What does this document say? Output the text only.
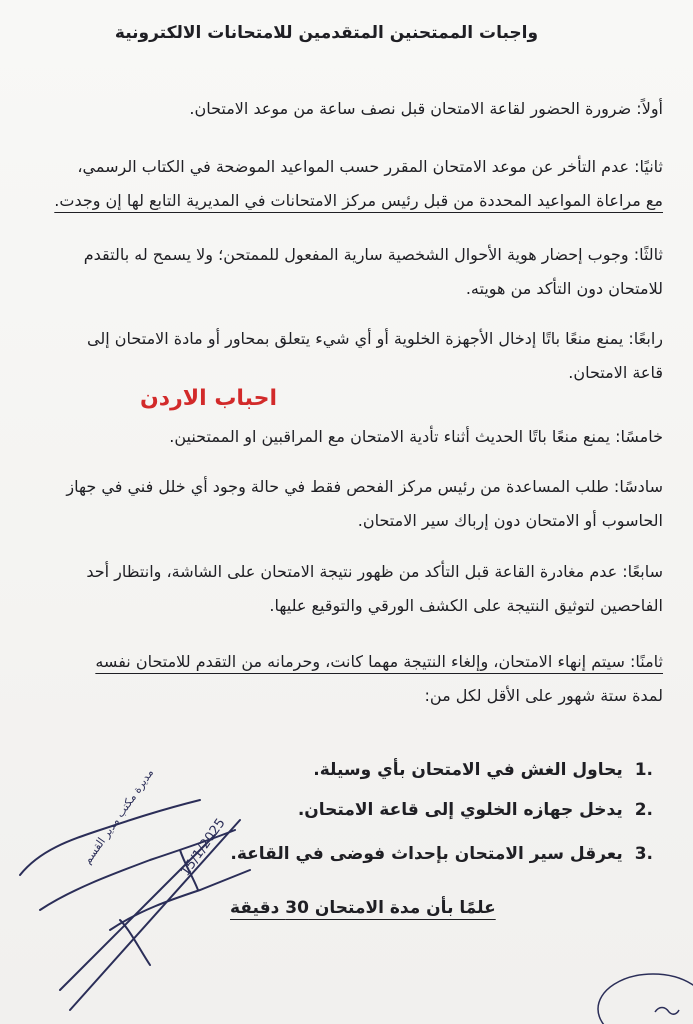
واجبات الممتحنين المتقدمين للامتحانات الالكترونية

أولاً: ضرورة الحضور لقاعة الامتحان قبل نصف ساعة من موعد الامتحان.

ثانيًا: عدم التأخر عن موعد الامتحان المقرر حسب المواعيد الموضحة في الكتاب الرسمي،

مع مراعاة المواعيد المحددة من قبل رئيس مركز الامتحانات في المديرية التابع لها إن وجدت.

ثالثًا: وجوب إحضار هوية الأحوال الشخصية سارية المفعول للممتحن؛ ولا يسمح له بالتقدم

للامتحان دون التأكد من هويته.

رابعًا: يمنع منعًا باتًا إدخال الأجهزة الخلوية أو أي شيء يتعلق بمحاور أو مادة الامتحان إلى

قاعة الامتحان.

احباب الاردن

خامسًا: يمنع منعًا باتًا الحديث أثناء تأدية الامتحان مع المراقبين او الممتحنين.

سادسًا: طلب المساعدة من رئيس مركز الفحص فقط في حالة وجود أي خلل فني في جهاز

الحاسوب أو الامتحان دون إرباك سير الامتحان.

سابعًا: عدم مغادرة القاعة قبل التأكد من ظهور نتيجة الامتحان على الشاشة، وانتظار أحد

الفاحصين لتوثيق النتيجة على الكشف الورقي والتوقيع عليها.

ثامنًا: سيتم إنهاء الامتحان، وإلغاء النتيجة مهما كانت، وحرمانه من التقدم للامتحان نفسه

لمدة ستة شهور على الأقل لكل من:

.1 يحاول الغش في الامتحان بأي وسيلة.
.2 يدخل جهازه الخلوي إلى قاعة الامتحان.
.3 يعرقل سير الامتحان بإحداث فوضى في القاعة.
علمًا بأن مدة الامتحان 30 دقيقة
مديرة مكتب مدير القسم 15/1/2025
